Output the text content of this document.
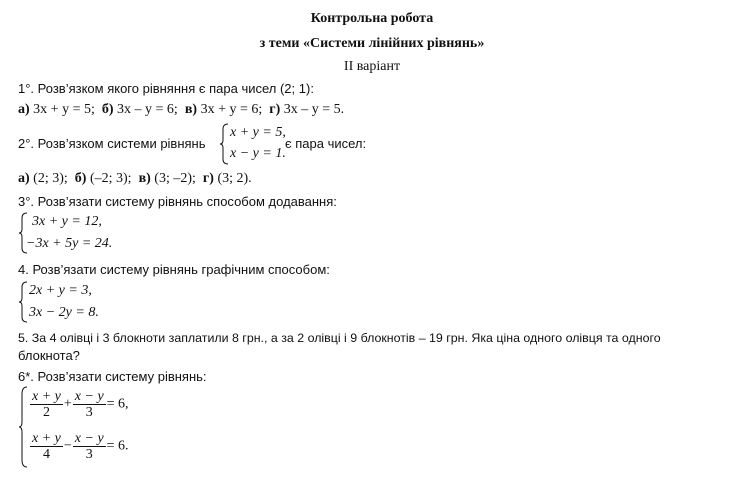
Контрольна робота
з теми «Системи лінійних рівнянь»
ІІ варіант
1°. Розв’язком якого рівняння є пара чисел (2; 1):
а) 3х + у = 5; б) 3х – у = 6; в) 3х + у = 6; г) 3х – у = 5.
2°. Розв’язком системи рівнянь
x + y = 5,
x − y = 1.
є пара чисел:
а) (2; 3); б) (–2; 3); в) (3; –2); г) (3; 2).
3°. Розв’язати систему рівнянь способом додавання:
3x + y = 12,
−3x + 5y = 24.
4. Розв’язати систему рівнянь графічним способом:
2x + y = 3,
3x − 2y = 8.
5. За 4 олівці і 3 блокноти заплатили 8 грн., а за 2 олівці і 9 блокнотів – 19 грн. Яка ціна одного олівця та одного
блокнота?
6*. Розв’язати систему рівнянь:
$\frac{x + y}{2} + \frac{x - y}{3} = 6$,
$\frac{x + y}{4} - \frac{x - y}{3} = 6$.
